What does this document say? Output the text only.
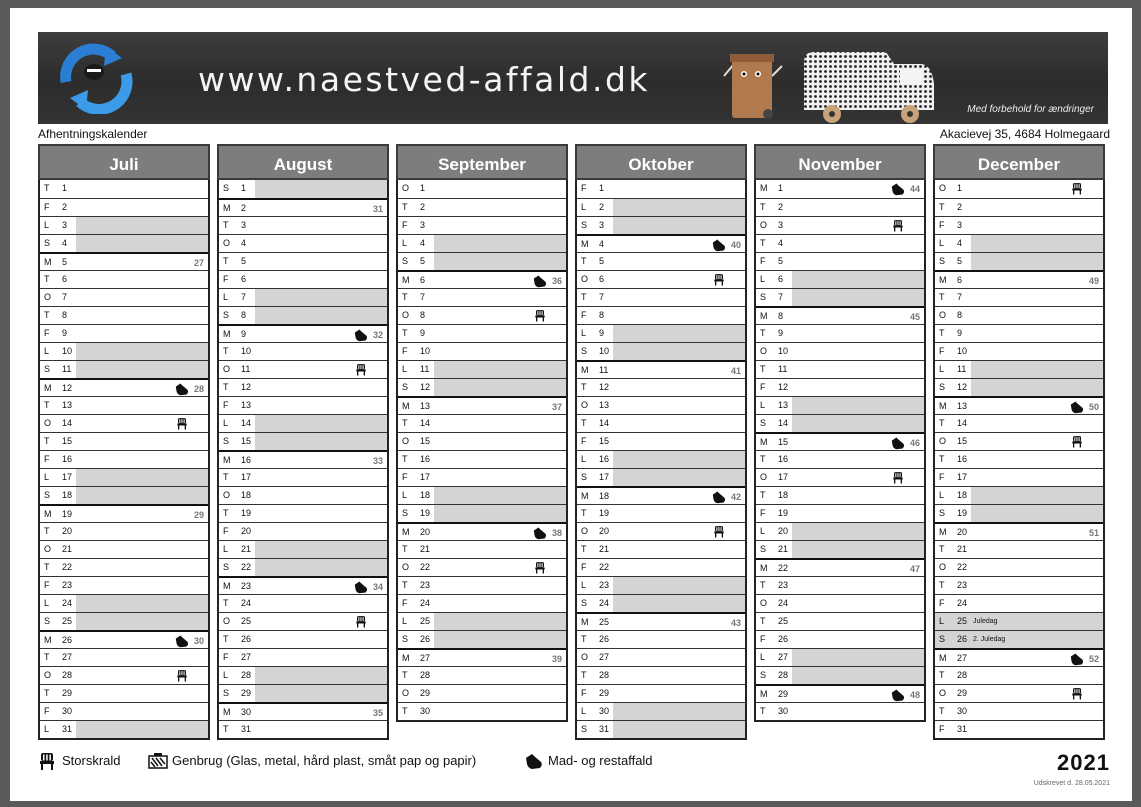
www.naestved-affald.dk
Med forbehold for ændringer
Afhentningskalender	Akacievej 35, 4684 Holmegaard
Juli
T 1
F 2
L 3
S 4
M 5	27
T 6
O 7
T 8
F 9
L 10
S 11
M 12	28
T 13
O 14
T 15
F 16
L 17
S 18
M 19	29
T 20
O 21
T 22
F 23
L 24
S 25
M 26	30
T 27
O 28
T 29
F 30
L 31
August
S 1
M 2	31
T 3
O 4
T 5
F 6
L 7
S 8
M 9	32
T 10
O 11
T 12
F 13
L 14
S 15
M 16	33
T 17
O 18
T 19
F 20
L 21
S 22
M 23	34
T 24
O 25
T 26
F 27
L 28
S 29
M 30	35
T 31
September
O 1
T 2
F 3
L 4
S 5
M 6	36
T 7
O 8
T 9
F 10
L 11
S 12
M 13	37
T 14
O 15
T 16
F 17
L 18
S 19
M 20	38
T 21
O 22
T 23
F 24
L 25
S 26
M 27	39
T 28
O 29
T 30
Oktober
F 1
L 2
S 3
M 4	40
T 5
O 6
T 7
F 8
L 9
S 10
M 11	41
T 12
O 13
T 14
F 15
L 16
S 17
M 18	42
T 19
O 20
T 21
F 22
L 23
S 24
M 25	43
T 26
O 27
T 28
F 29
L 30
S 31
November
M 1	44
T 2
O 3
T 4
F 5
L 6
S 7
M 8	45
T 9
O 10
T 11
F 12
L 13
S 14
M 15	46
T 16
O 17
T 18
F 19
L 20
S 21
M 22	47
T 23
O 24
T 25
F 26
L 27
S 28
M 29	48
T 30
December
O 1
T 2
F 3
L 4
S 5
M 6	49
T 7
O 8
T 9
F 10
L 11
S 12
M 13	50
T 14
O 15
T 16
F 17
L 18
S 19
M 20	51
T 21
O 22
T 23
F 24
L 25 Juledag
S 26 2. Juledag
M 27	52
T 28
O 29
T 30
F 31
Storskrald	Genbrug (Glas, metal, hård plast, småt pap og papir)	Mad- og restaffald	2021
Udskrevet d. 28.05.2021
